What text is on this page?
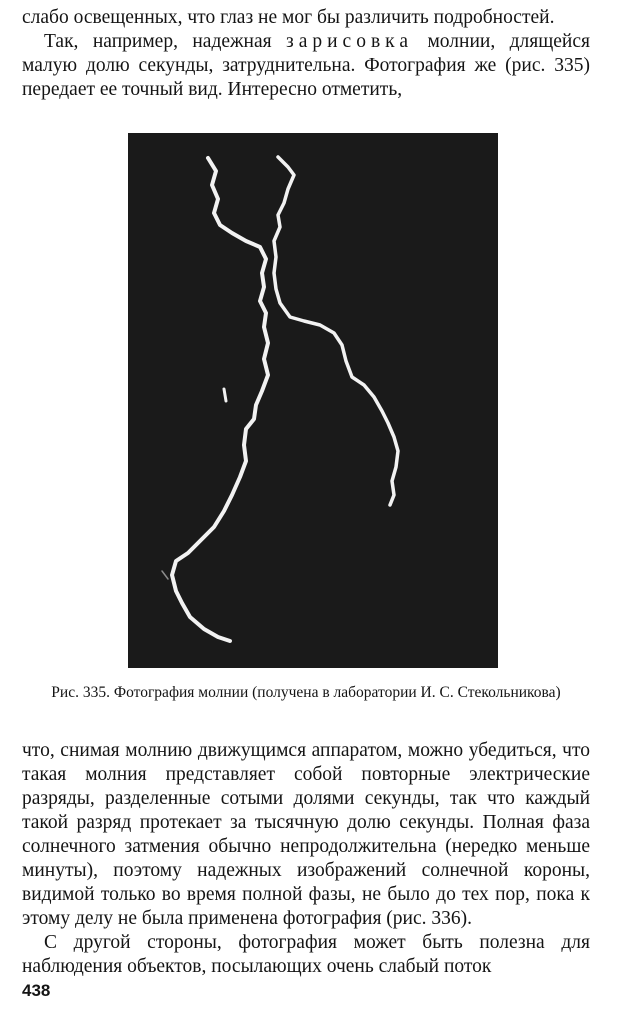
слабо освещенных, что глаз не мог бы различить подробностей.

Так, например, надежная зарисовка молнии, длящейся малую долю секунды, затруднительна. Фотография же (рис. 335) передает ее точный вид. Интересно отметить,

Рис. 335. Фотография молнии (получена в лаборатории И. С. Стекольникова)

что, снимая молнию движущимся аппаратом, можно убедиться, что такая молния представляет собой повторные электрические разряды, разделенные сотыми долями секунды, так что каждый такой разряд протекает за тысячную долю секунды. Полная фаза солнечного затмения обычно непродолжительна (нередко меньше минуты), поэтому надежных изображений солнечной короны, видимой только во время полной фазы, не было до тех пор, пока к этому делу не была применена фотография (рис. 336).

С другой стороны, фотография может быть полезна для наблюдения объектов, посылающих очень слабый поток

438
